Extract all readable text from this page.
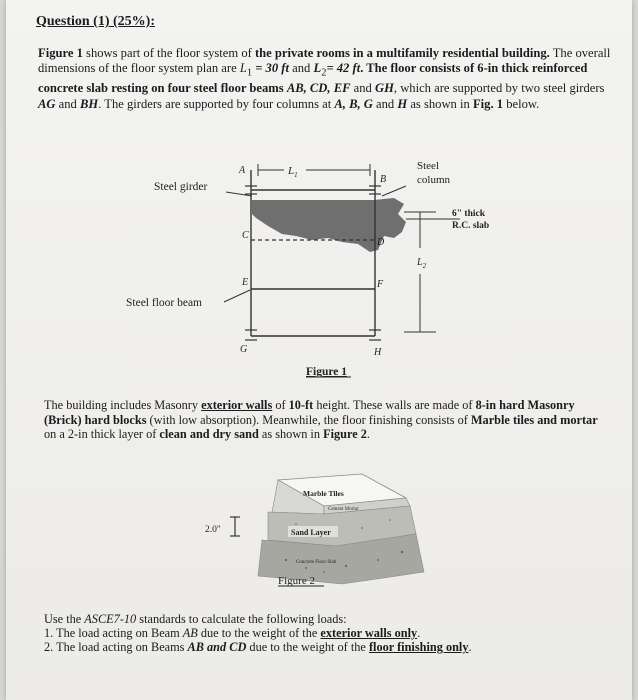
Question (1) (25%):
Figure 1 shows part of the floor system of the private rooms in a multifamily residential building. The overall dimensions of the floor system plan are $L_1 = 30$ ft and $L_2= 42$ ft. The floor consists of 6-in thick reinforced concrete slab resting on four steel floor beams AB, CD, EF and GH, which are supported by two steel girders AG and BH. The girders are supported by four columns at A, B, G and H as shown in Fig. 1 below.
$L_1$
$L_2$
A
B
C
D
E	F
G	H
Steel
column
Steel girder
6" thick
R.C. slab
Steel floor beam
Figure 1
The building includes Masonry exterior walls of 10-ft height. These walls are made of 8-in hard Masonry (Brick) hard blocks (with low absorption). Meanwhile, the floor finishing consists of Marble tiles and mortar on a 2-in thick layer of clean and dry sand as shown in Figure 2.
Marble Tiles
Cement Mortar
Sand Layer
Concrete Floor Slab
2.0"
Figure 2
Use the ASCE7-10 standards to calculate the following loads:
1. The load acting on Beam AB due to the weight of the exterior walls only.
2. The load acting on Beams AB and CD due to the weight of the floor finishing only.
